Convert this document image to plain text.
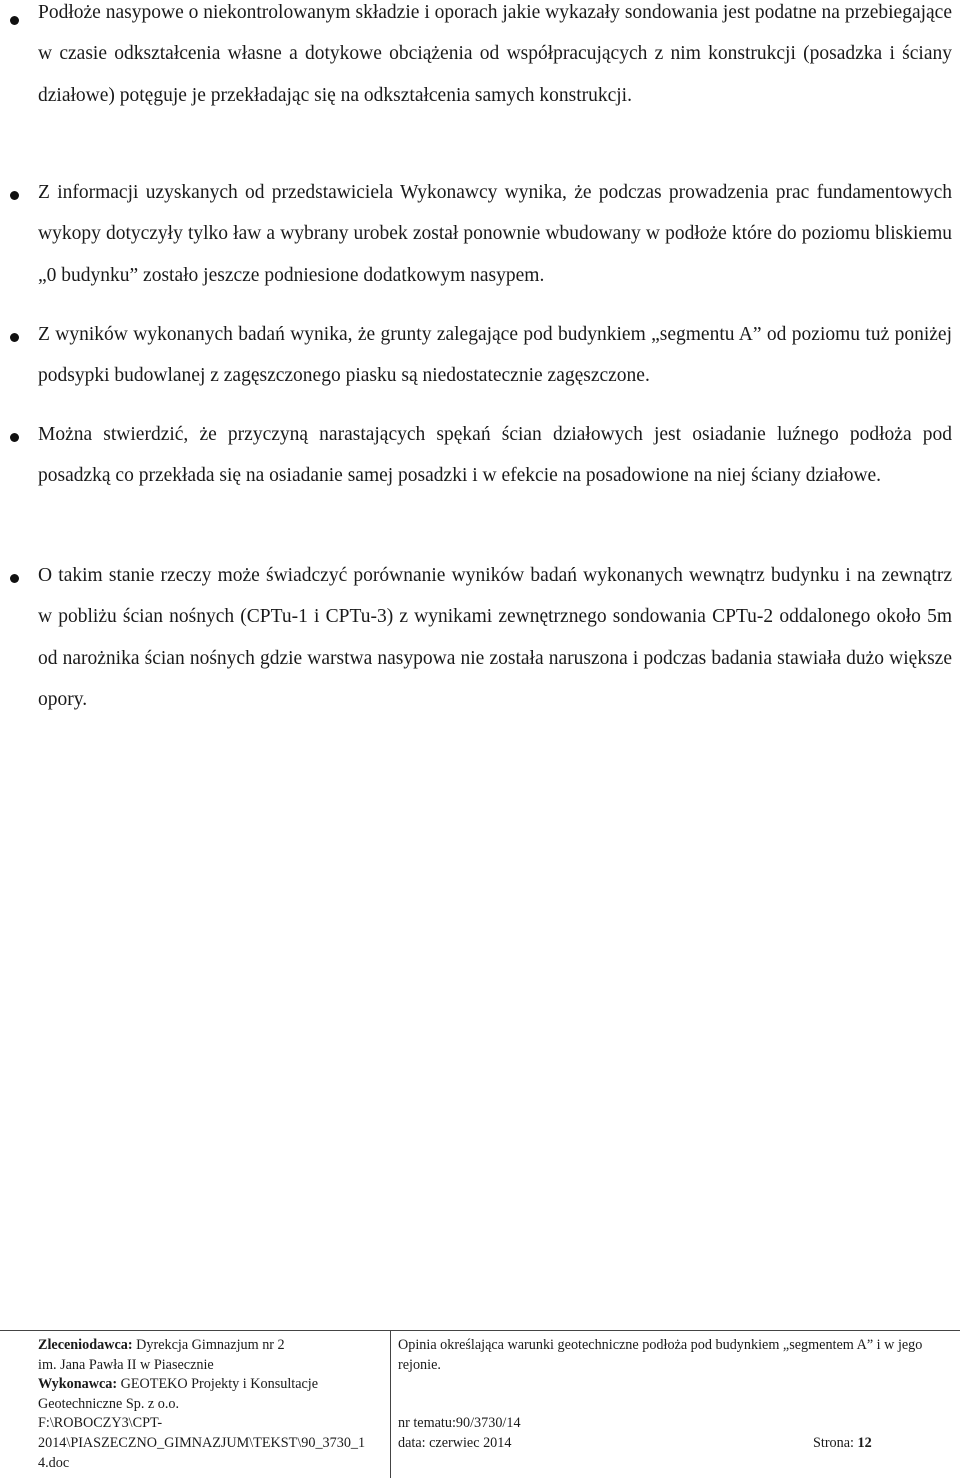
Podłoże nasypowe o niekontrolowanym składzie i oporach jakie wykazały sondowania jest podatne na przebiegające w czasie odkształcenia własne a dotykowe obciążenia od współpracujących z nim konstrukcji (posadzka i ściany działowe) potęguje je przekładając się na odkształcenia samych konstrukcji.

Z informacji uzyskanych od przedstawiciela Wykonawcy wynika, że podczas prowadzenia prac fundamentowych wykopy dotyczyły tylko ław a wybrany urobek został ponownie wbudowany w podłoże które do poziomu bliskiemu „0 budynku” zostało jeszcze podniesione dodatkowym nasypem.

Z wyników wykonanych badań wynika, że grunty zalegające pod budynkiem „segmentu A” od poziomu tuż poniżej podsypki budowlanej z zagęszczonego piasku są niedostatecznie zagęszczone.

Można stwierdzić, że przyczyną narastających spękań ścian działowych jest osiadanie luźnego podłoża pod posadzką co przekłada się na osiadanie samej posadzki i w efekcie na posadowione na niej ściany działowe.

O takim stanie rzeczy może świadczyć porównanie wyników badań wykonanych wewnątrz budynku i na zewnątrz w pobliżu ścian nośnych (CPTu-1 i CPTu-3) z wynikami zewnętrznego sondowania CPTu-2 oddalonego około 5m od narożnika ścian nośnych gdzie warstwa nasypowa nie została naruszona i podczas badania stawiała dużo większe opory.

Zleceniodawca: Dyrekcja Gimnazjum nr 2
im. Jana Pawła II w Piasecznie
Wykonawca: GEOTEKO Projekty i Konsultacje
Geotechniczne Sp. z o.o.
F:\ROBOCZY3\CPT-
2014\PIASZECZNO_GIMNAZJUM\TEKST\90_3730_1
4.doc
Opinia określająca warunki geotechniczne podłoża pod budynkiem „segmentem A” i w jego rejonie.
nr tematu:90/3730/14
data: czerwiec 2014	Strona: 12
